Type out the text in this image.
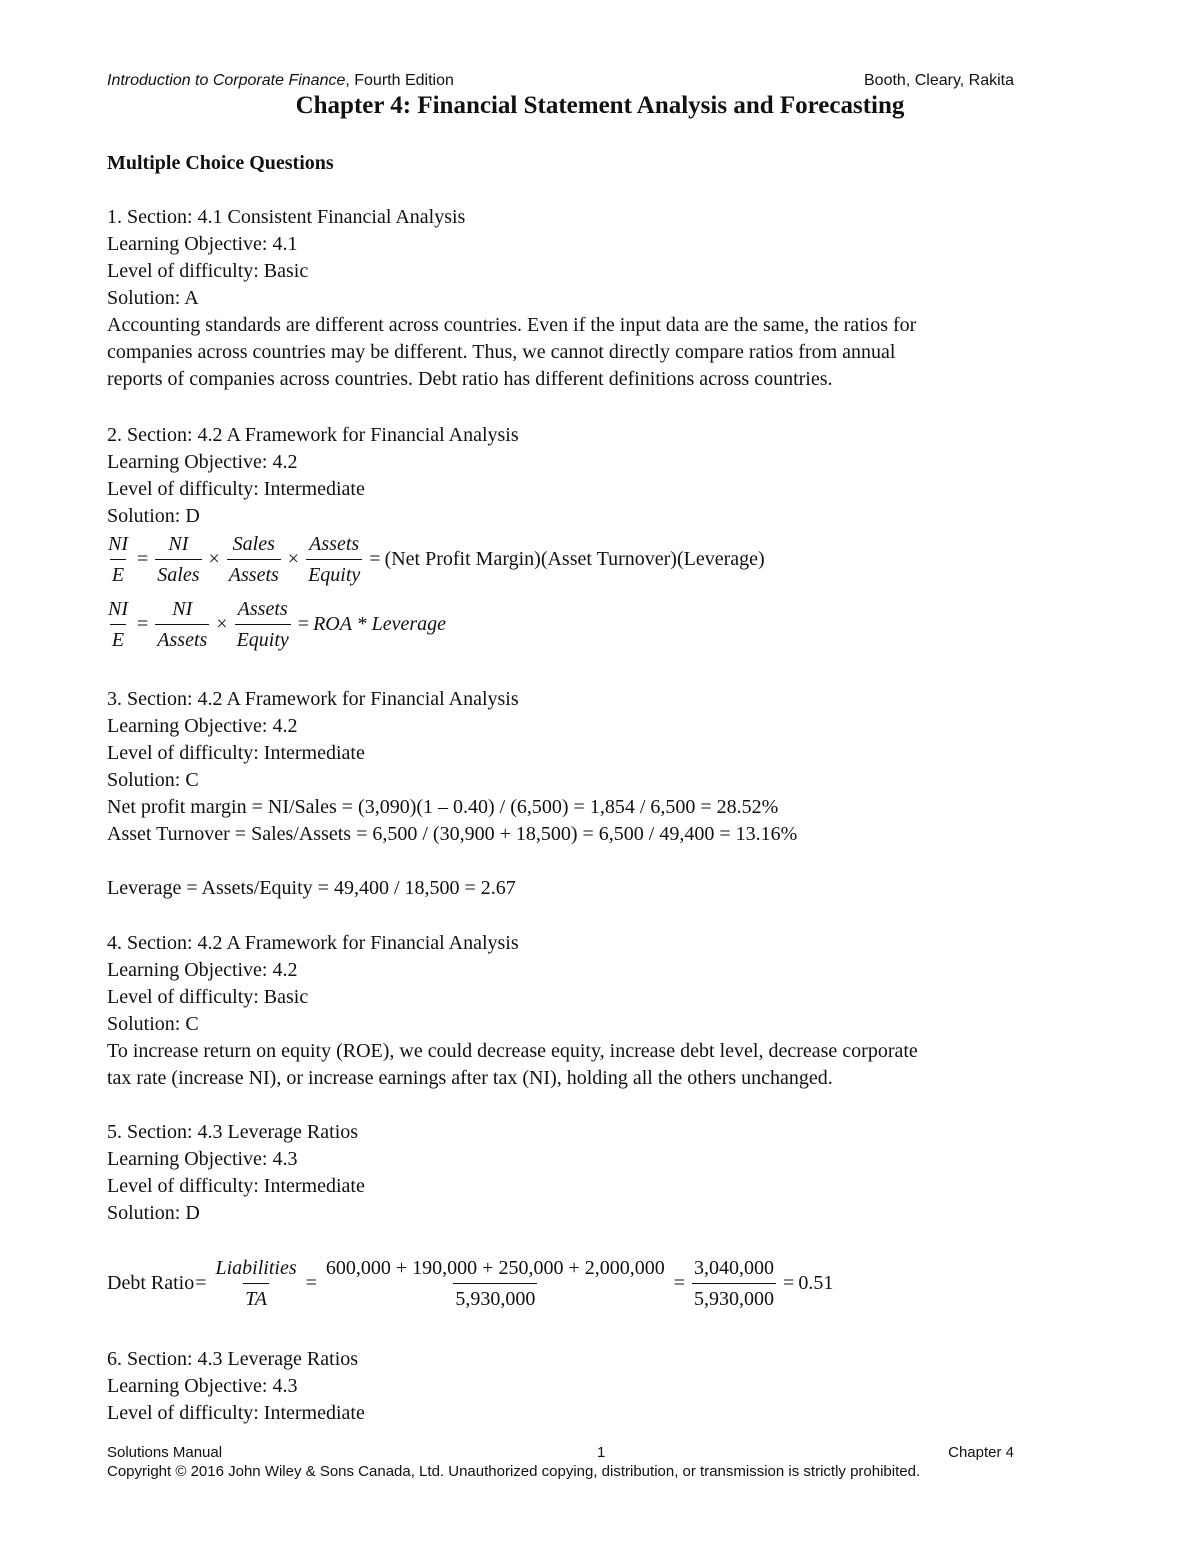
Introduction to Corporate Finance, Fourth Edition	Booth, Cleary, Rakita
Chapter 4: Financial Statement Analysis and Forecasting
Multiple Choice Questions
1. Section: 4.1 Consistent Financial Analysis
Learning Objective: 4.1
Level of difficulty: Basic
Solution: A
Accounting standards are different across countries. Even if the input data are the same, the ratios for
companies across countries may be different. Thus, we cannot directly compare ratios from annual
reports of companies across countries. Debt ratio has different definitions across countries.
2. Section: 4.2 A Framework for Financial Analysis
Learning Objective: 4.2
Level of difficulty: Intermediate
Solution: D
$\frac{NI}{E} = \frac{NI}{\text{Sales}} \times \frac{\text{Sales}}{\text{Assets}} \times \frac{\text{Assets}}{\text{Equity}} = (Net$ Profit Margin)(Asset Turnover)(Leverage)
$\frac{NI}{E} = \frac{NI}{\text{Assets}} \times \frac{\text{Assets}}{\text{Equity}}$ = ROA * Leverage
3. Section: 4.2 A Framework for Financial Analysis
Learning Objective: 4.2
Level of difficulty: Intermediate
Solution: C
Net profit margin = NI/Sales = (3,090)(1 – 0.40) / (6,500) = 1,854 / 6,500 = 28.52%
Asset Turnover = Sales/Assets = 6,500 / (30,900 + 18,500) = 6,500 / 49,400 = 13.16%
Leverage = Assets/Equity = 49,400 / 18,500 = 2.67
4. Section: 4.2 A Framework for Financial Analysis
Learning Objective: 4.2
Level of difficulty: Basic
Solution: C
To increase return on equity (ROE), we could decrease equity, increase debt level, decrease corporate
tax rate (increase NI), or increase earnings after tax (NI), holding all the others unchanged.
5. Section: 4.3 Leverage Ratios
Learning Objective: 4.3
Level of difficulty: Intermediate
Solution: D
Debt Ratio = $\frac{\text{Liabilities}}{TA} = \frac{600,000 + 190,000 + 250,000 + 2,000,000}{5,930,000} = \frac{3,040,000}{5,930,000} = 0.51$
6. Section: 4.3 Leverage Ratios
Learning Objective: 4.3
Level of difficulty: Intermediate
Solutions Manual	1	Chapter 4
Copyright © 2016 John Wiley & Sons Canada, Ltd. Unauthorized copying, distribution, or transmission is strictly prohibited.
